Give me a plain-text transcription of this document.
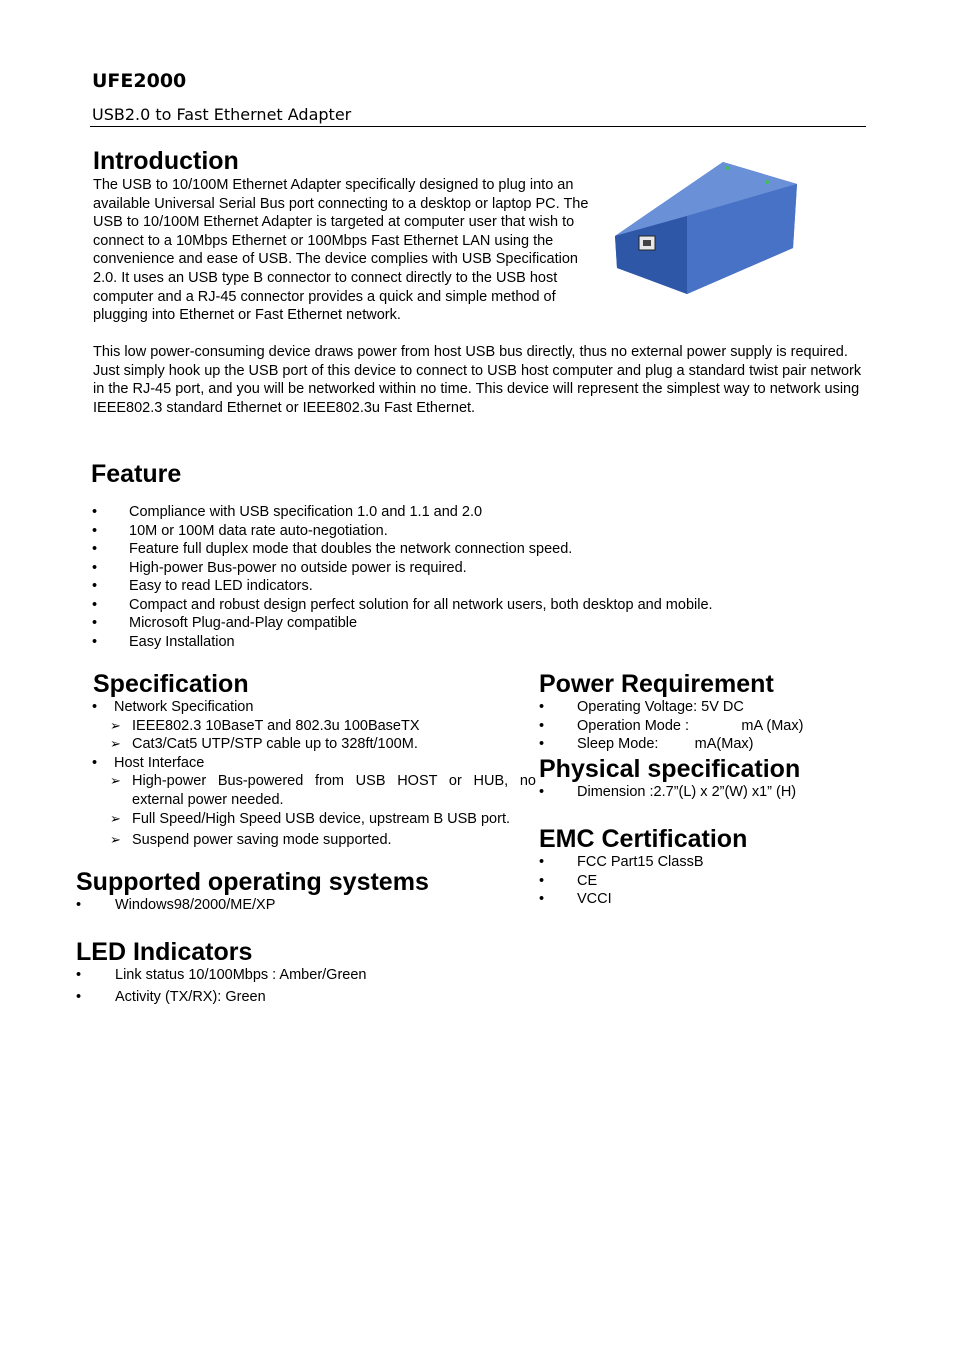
UFE2000
USB2.0 to Fast Ethernet Adapter
Introduction
The USB to 10/100M Ethernet Adapter specifically designed to plug into an available Universal Serial Bus port connecting to a desktop or laptop PC. The USB to 10/100M Ethernet Adapter is targeted at computer user that wish to connect to a 10Mbps Ethernet or 100Mbps Fast Ethernet LAN using the convenience and ease of USB. The device complies with USB Specification 2.0. It uses an USB type B connector to connect directly to the USB host computer and a RJ-45 connector provides a quick and simple method of plugging into Ethernet or Fast Ethernet network.
This low power-consuming device draws power from host USB bus directly, thus no external power supply is required. Just simply hook up the USB port of this device to connect to USB host computer and plug a standard twist pair network in the RJ-45 port, and you will be networked within no time. This device will represent the simplest way to network using IEEE802.3 standard Ethernet or IEEE802.3u Fast Ethernet.
Feature
• Compliance with USB specification 1.0 and 1.1 and 2.0
• 10M or 100M data rate auto-negotiation.
• Feature full duplex mode that doubles the network connection speed.
• High-power Bus-power no outside power is required.
• Easy to read LED indicators.
• Compact and robust design perfect solution for all network users, both desktop and mobile.
• Microsoft Plug-and-Play compatible
• Easy Installation
Specification
• Network Specification
➢ IEEE802.3 10BaseT and 802.3u 100BaseTX
➢ Cat3/Cat5 UTP/STP cable up to 328ft/100M.
• Host Interface
➢ High-power Bus-powered from USB HOST or HUB, no external power needed.
➢ Full Speed/High Speed USB device, upstream B USB port.
➢ Suspend power saving mode supported.
Supported operating systems
• Windows98/2000/ME/XP
LED Indicators
• Link status 10/100Mbps : Amber/Green
• Activity (TX/RX): Green
Power Requirement
• Operating Voltage: 5V DC
• Operation Mode :             mA (Max)
• Sleep Mode:         mA(Max)
Physical specification
• Dimension :2.7”(L) x 2”(W) x1” (H)
EMC Certification
• FCC Part15 ClassB
• CE
• VCCI
